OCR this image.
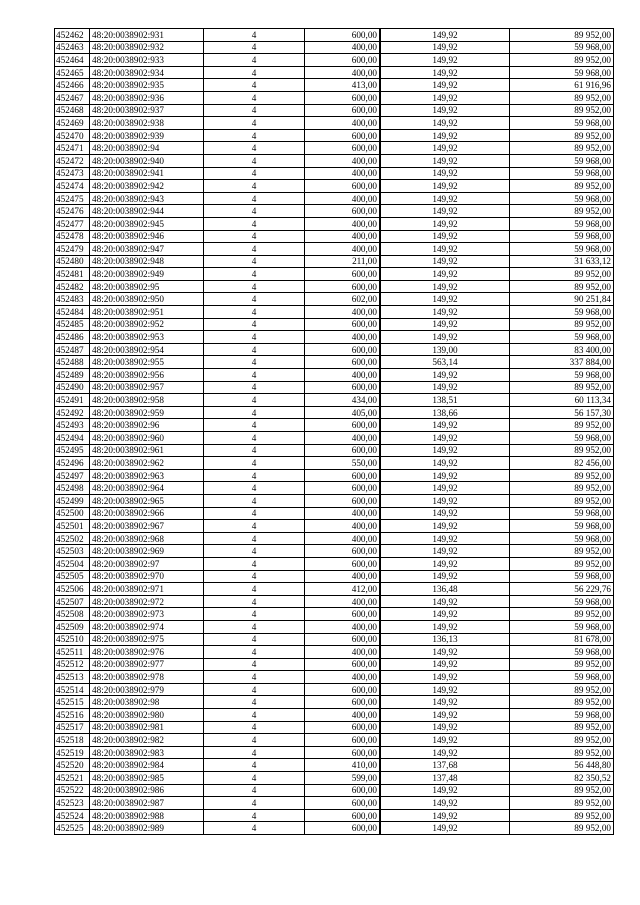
452462	48:20:0038902:931	4	600,00	149,92	89 952,00
452463	48:20:0038902:932	4	400,00	149,92	59 968,00
452464	48:20:0038902:933	4	600,00	149,92	89 952,00
452465	48:20:0038902:934	4	400,00	149,92	59 968,00
452466	48:20:0038902:935	4	413,00	149,92	61 916,96
452467	48:20:0038902:936	4	600,00	149,92	89 952,00
452468	48:20:0038902:937	4	600,00	149,92	89 952,00
452469	48:20:0038902:938	4	400,00	149,92	59 968,00
452470	48:20:0038902:939	4	600,00	149,92	89 952,00
452471	48:20:0038902:94	4	600,00	149,92	89 952,00
452472	48:20:0038902:940	4	400,00	149,92	59 968,00
452473	48:20:0038902:941	4	400,00	149,92	59 968,00
452474	48:20:0038902:942	4	600,00	149,92	89 952,00
452475	48:20:0038902:943	4	400,00	149,92	59 968,00
452476	48:20:0038902:944	4	600,00	149,92	89 952,00
452477	48:20:0038902:945	4	400,00	149,92	59 968,00
452478	48:20:0038902:946	4	400,00	149,92	59 968,00
452479	48:20:0038902:947	4	400,00	149,92	59 968,00
452480	48:20:0038902:948	4	211,00	149,92	31 633,12
452481	48:20:0038902:949	4	600,00	149,92	89 952,00
452482	48:20:0038902:95	4	600,00	149,92	89 952,00
452483	48:20:0038902:950	4	602,00	149,92	90 251,84
452484	48:20:0038902:951	4	400,00	149,92	59 968,00
452485	48:20:0038902:952	4	600,00	149,92	89 952,00
452486	48:20:0038902:953	4	400,00	149,92	59 968,00
452487	48:20:0038902:954	4	600,00	139,00	83 400,00
452488	48:20:0038902:955	4	600,00	563,14	337 884,00
452489	48:20:0038902:956	4	400,00	149,92	59 968,00
452490	48:20:0038902:957	4	600,00	149,92	89 952,00
452491	48:20:0038902:958	4	434,00	138,51	60 113,34
452492	48:20:0038902:959	4	405,00	138,66	56 157,30
452493	48:20:0038902:96	4	600,00	149,92	89 952,00
452494	48:20:0038902:960	4	400,00	149,92	59 968,00
452495	48:20:0038902:961	4	600,00	149,92	89 952,00
452496	48:20:0038902:962	4	550,00	149,92	82 456,00
452497	48:20:0038902:963	4	600,00	149,92	89 952,00
452498	48:20:0038902:964	4	600,00	149,92	89 952,00
452499	48:20:0038902:965	4	600,00	149,92	89 952,00
452500	48:20:0038902:966	4	400,00	149,92	59 968,00
452501	48:20:0038902:967	4	400,00	149,92	59 968,00
452502	48:20:0038902:968	4	400,00	149,92	59 968,00
452503	48:20:0038902:969	4	600,00	149,92	89 952,00
452504	48:20:0038902:97	4	600,00	149,92	89 952,00
452505	48:20:0038902:970	4	400,00	149,92	59 968,00
452506	48:20:0038902:971	4	412,00	136,48	56 229,76
452507	48:20:0038902:972	4	400,00	149,92	59 968,00
452508	48:20:0038902:973	4	600,00	149,92	89 952,00
452509	48:20:0038902:974	4	400,00	149,92	59 968,00
452510	48:20:0038902:975	4	600,00	136,13	81 678,00
452511	48:20:0038902:976	4	400,00	149,92	59 968,00
452512	48:20:0038902:977	4	600,00	149,92	89 952,00
452513	48:20:0038902:978	4	400,00	149,92	59 968,00
452514	48:20:0038902:979	4	600,00	149,92	89 952,00
452515	48:20:0038902:98	4	600,00	149,92	89 952,00
452516	48:20:0038902:980	4	400,00	149,92	59 968,00
452517	48:20:0038902:981	4	600,00	149,92	89 952,00
452518	48:20:0038902:982	4	600,00	149,92	89 952,00
452519	48:20:0038902:983	4	600,00	149,92	89 952,00
452520	48:20:0038902:984	4	410,00	137,68	56 448,80
452521	48:20:0038902:985	4	599,00	137,48	82 350,52
452522	48:20:0038902:986	4	600,00	149,92	89 952,00
452523	48:20:0038902:987	4	600,00	149,92	89 952,00
452524	48:20:0038902:988	4	600,00	149,92	89 952,00
452525	48:20:0038902:989	4	600,00	149,92	89 952,00
